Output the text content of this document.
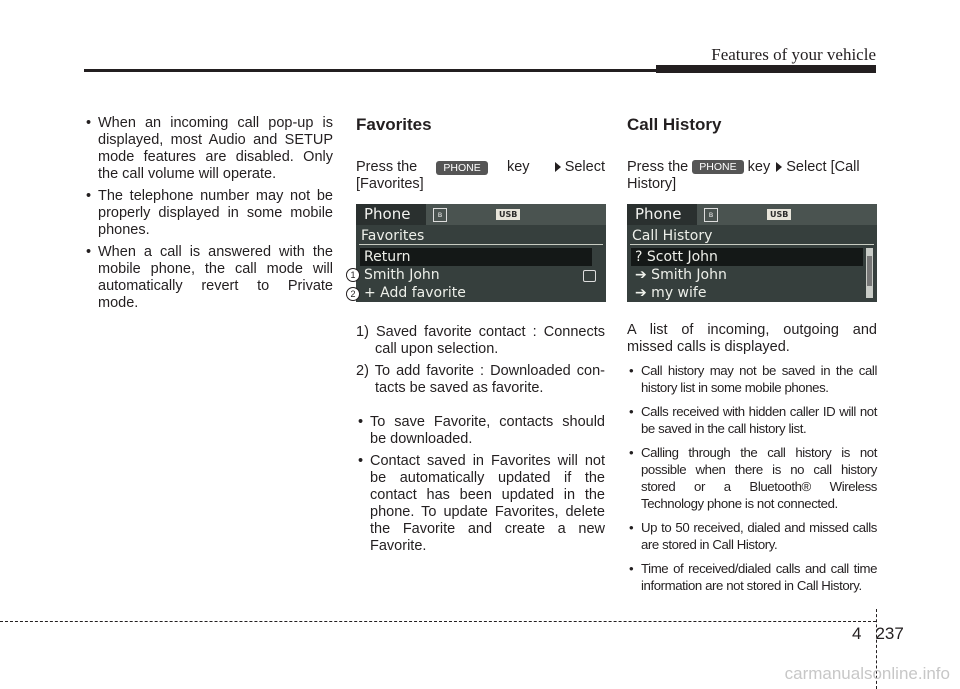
Features of your vehicle
• When an incoming call pop-up is displayed, most Audio and SETUP mode features are disabled. Only the call volume will operate.
• The telephone number may not be properly displayed in some mobile phones.
• When a call is answered with the mobile phone, the call mode will automatically revert to Private mode.
Favorites
Press the	PHONE	key	Select
[Favorites]
Phone	ʙ	USB
Favorites
Return
Smith John
+ Add favorite
1) Saved favorite contact : Connects call upon selection.
2) To add favorite : Downloaded con- tacts be saved as favorite.
• To save Favorite, contacts should be downloaded.
• Contact saved in Favorites will not be automatically updated if the contact has been updated in the phone. To update Favorites, delete the Favorite and create a new Favorite.
1
2
Call History
Press the PHONE key Select [Call History]
Phone	ʙ	USB
Call History
? Scott John
➔ Smith John
➔ my wife
A list of incoming, outgoing and missed calls is displayed.
• Call history may not be saved in the call history list in some mobile phones.
• Calls received with hidden caller ID will not be saved in the call history list.
• Calling through the call history is not possible when there is no call history stored or a Bluetooth® Wireless Technology phone is not connected.
• Up to 50 received, dialed and missed calls are stored in Call History.
• Time of received/dialed calls and call time information are not stored in Call History.
4 237
carmanualsonline.info
